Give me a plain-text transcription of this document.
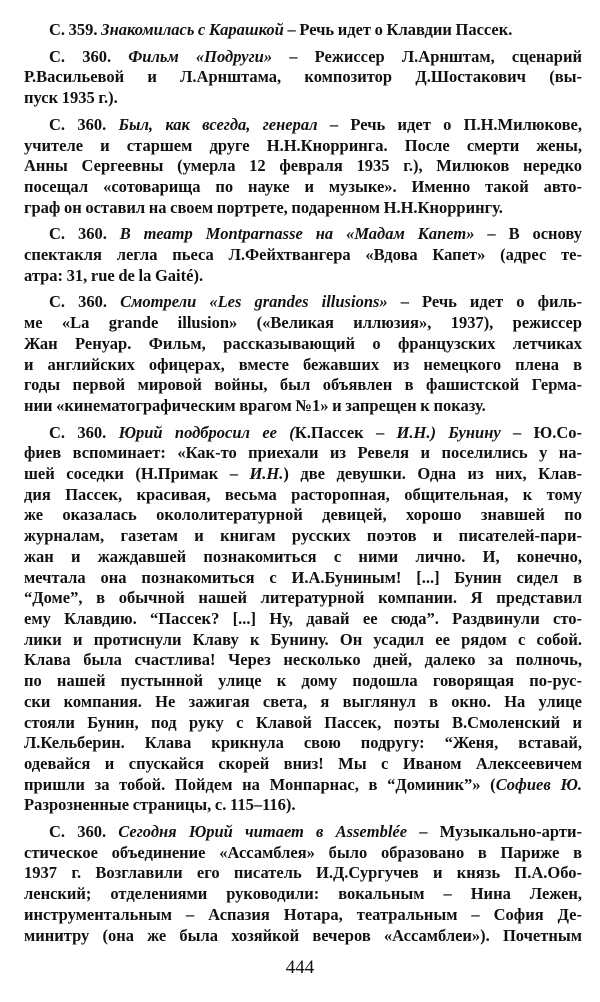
С. 359. Знакомилась с Карашкой – Речь идет о Клавдии Пассек.
С. 360. Фильм «Подруги» – Режиссер Л.Арнштам, сценарий
Р.Васильевой и Л.Арнштама, композитор Д.Шостакович (вы-
пуск 1935 г.).
С. 360. Был, как всегда, генерал – Речь идет о П.Н.Милюкове,
учителе и старшем друге Н.Н.Кнорринга. После смерти жены,
Анны Сергеевны (умерла 12 февраля 1935 г.), Милюков нередко
посещал «сотоварища по науке и музыке». Именно такой авто-
граф он оставил на своем портрете, подаренном Н.Н.Кноррингу.
С. 360. В театр Montparnasse на «Мадам Капет» – В основу
спектакля легла пьеса Л.Фейхтвангера «Вдова Капет» (адрес те-
атра: 31, rue de la Gaité).
С. 360. Смотрели «Les grandes illusions» – Речь идет о филь-
ме «La grande illusion» («Великая иллюзия», 1937), режиссер
Жан Ренуар. Фильм, рассказывающий о французских летчиках
и английских офицерах, вместе бежавших из немецкого плена в
годы первой мировой войны, был объявлен в фашистской Герма-
нии «кинематографическим врагом №1» и запрещен к показу.
С. 360. Юрий подбросил ее (К.Пассек – И.Н.) Бунину – Ю.Со-
фиев вспоминает: «Как-то приехали из Ревеля и поселились у на-
шей соседки (Н.Примак – И.Н.) две девушки. Одна из них, Клав-
дия Пассек, красивая, весьма расторопная, общительная, к тому
же оказалась окололитературной девицей, хорошо знавшей по
журналам, газетам и книгам русских поэтов и писателей-пари-
жан и жаждавшей познакомиться с ними лично. И, конечно,
мечтала она познакомиться с И.А.Буниным! [...] Бунин сидел в
“Доме”, в обычной нашей литературной компании. Я представил
ему Клавдию. “Пассек? [...] Ну, давай ее сюда”. Раздвинули сто-
лики и протиснули Клаву к Бунину. Он усадил ее рядом с собой.
Клава была счастлива! Через несколько дней, далеко за полночь,
по нашей пустынной улице к дому подошла говорящая по-рус-
ски компания. Не зажигая света, я выглянул в окно. На улице
стояли Бунин, под руку с Клавой Пассек, поэты В.Смоленский и
Л.Кельберин. Клава крикнула свою подругу: “Женя, вставай,
одевайся и спускайся скорей вниз! Мы с Иваном Алексеевичем
пришли за тобой. Пойдем на Монпарнас, в “Доминик”» (Софиев Ю.
Разрозненные страницы, с. 115–116).
С. 360. Сегодня Юрий читает в Assemblée – Музыкально-арти-
стическое объединение «Ассамблея» было образовано в Париже в
1937 г. Возглавили его писатель И.Д.Сургучев и князь П.А.Обо-
ленский; отделениями руководили: вокальным – Нина Лежен,
инструментальным – Аспазия Нотара, театральным – София Де-
минитру (она же была хозяйкой вечеров «Ассамблеи»). Почетным
444
